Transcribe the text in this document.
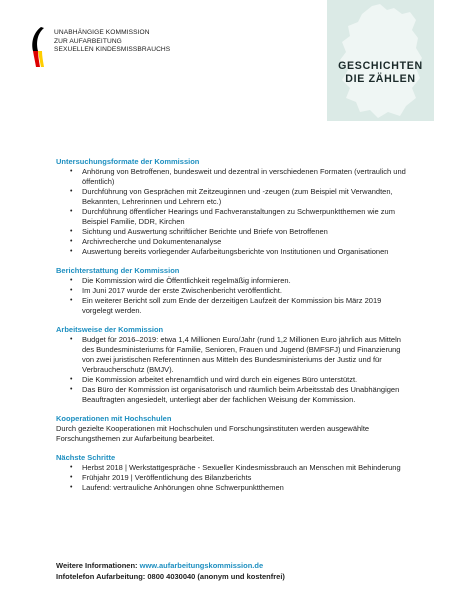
UNABHÄNGIGE KOMMISSION
ZUR AUFARBEITUNG
SEXUELLEN KINDESMISSBRAUCHS
GESCHICHTEN
DIE ZÄHLEN
Untersuchungsformate der Kommission
• Anhörung von Betroffenen, bundesweit und dezentral in verschiedenen Formaten (vertraulich und öffentlich)
• Durchführung von Gesprächen mit Zeitzeuginnen und -zeugen (zum Beispiel mit Verwandten, Bekannten, Lehrerinnen und Lehrern etc.)
• Durchführung öffentlicher Hearings und Fachveranstaltungen zu Schwerpunktthemen wie zum Beispiel Familie, DDR, Kirchen
• Sichtung und Auswertung schriftlicher Berichte und Briefe von Betroffenen
• Archivrecherche und Dokumentenanalyse
• Auswertung bereits vorliegender Aufarbeitungsberichte von Institutionen und Organisationen
Berichterstattung der Kommission
• Die Kommission wird die Öffentlichkeit regelmäßig informieren.
• Im Juni 2017 wurde der erste Zwischenbericht veröffentlicht.
• Ein weiterer Bericht soll zum Ende der derzeitigen Laufzeit der Kommission bis März 2019 vorgelegt werden.
Arbeitsweise der Kommission
• Budget für 2016–2019: etwa 1,4 Millionen Euro/Jahr (rund 1,2 Millionen Euro jährlich aus Mitteln des Bundesministeriums für Familie, Senioren, Frauen und Jugend (BMFSFJ) und Finanzierung von zwei juristischen Referentinnen aus Mitteln des Bundesministeriums der Justiz und für Verbraucherschutz (BMJV).
• Die Kommission arbeitet ehrenamtlich und wird durch ein eigenes Büro unterstützt.
• Das Büro der Kommission ist organisatorisch und räumlich beim Arbeitsstab des Unabhängigen Beauftragten angesiedelt, unterliegt aber der fachlichen Weisung der Kommission.
Kooperationen mit Hochschulen
Durch gezielte Kooperationen mit Hochschulen und Forschungsinstituten werden ausgewählte Forschungsthemen zur Aufarbeitung bearbeitet.
Nächste Schritte
• Herbst 2018 | Werkstattgespräche - Sexueller Kindesmissbrauch an Menschen mit Behinderung
• Frühjahr 2019 | Veröffentlichung des Bilanzberichts
• Laufend: vertrauliche Anhörungen ohne Schwerpunktthemen
Weitere Informationen: www.aufarbeitungskommission.de
Infotelefon Aufarbeitung: 0800 4030040 (anonym und kostenfrei)
